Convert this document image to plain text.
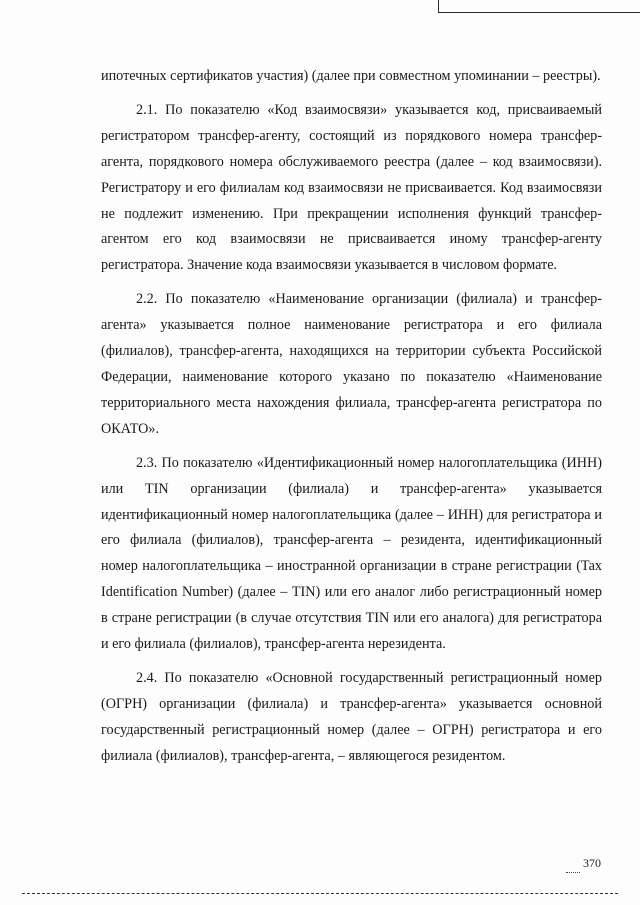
ипотечных сертификатов участия) (далее при совместном упоминании – реестры).

2.1. По показателю «Код взаимосвязи» указывается код, присваиваемый регистратором трансфер-агенту, состоящий из порядкового номера трансфер-агента, порядкового номера обслуживаемого реестра (далее – код взаимосвязи). Регистратору и его филиалам код взаимосвязи не присваивается. Код взаимосвязи не подлежит изменению. При прекращении исполнения функций трансфер-агентом его код взаимосвязи не присваивается иному трансфер-агенту регистратора. Значение кода взаимосвязи указывается в числовом формате.

2.2. По показателю «Наименование организации (филиала) и трансфер-агента» указывается полное наименование регистратора и его филиала (филиалов), трансфер-агента, находящихся на территории субъекта Российской Федерации, наименование которого указано по показателю «Наименование территориального места нахождения филиала, трансфер-агента регистратора по ОКАТО».

2.3. По показателю «Идентификационный номер налогоплательщика (ИНН) или TIN организации (филиала) и трансфер-агента» указывается идентификационный номер налогоплательщика (далее – ИНН) для регистратора и его филиала (филиалов), трансфер-агента – резидента, идентификационный номер налогоплательщика – иностранной организации в стране регистрации (Tax Identification Number) (далее – TIN) или его аналог либо регистрационный номер в стране регистрации (в случае отсутствия TIN или его аналога) для регистратора и его филиала (филиалов), трансфер-агента нерезидента.

2.4. По показателю «Основной государственный регистрационный номер (ОГРН) организации (филиала) и трансфер-агента» указывается основной государственный регистрационный номер (далее – ОГРН) регистратора и его филиала (филиалов), трансфер-агента, – являющегося резидентом.

370
